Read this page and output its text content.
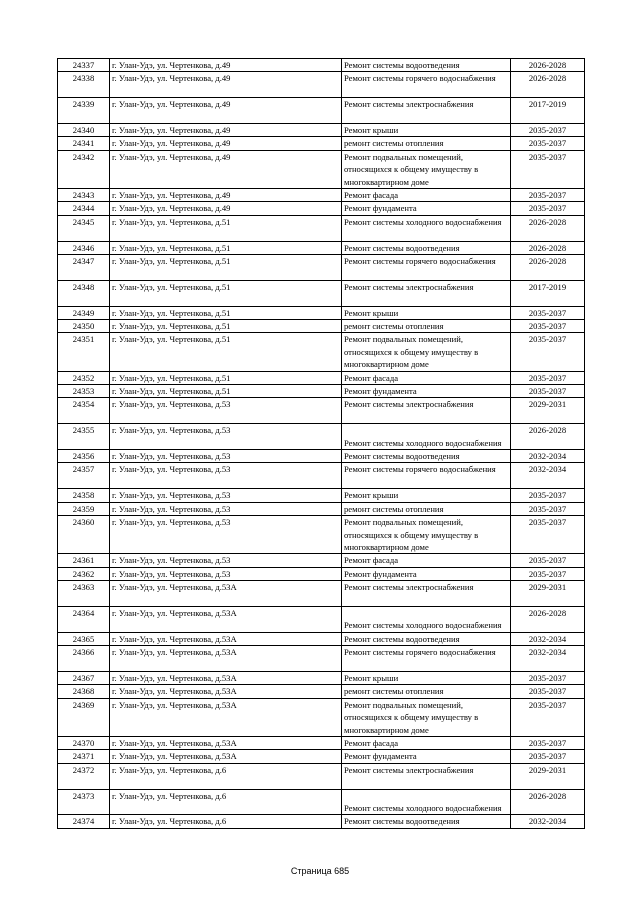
24337	г. Улан-Удэ, ул. Чертенкова, д.49	Ремонт системы водоотведения	2026-2028
24338	г. Улан-Удэ, ул. Чертенкова, д.49	Ремонт системы горячего водоснабжения	2026-2028
24339	г. Улан-Удэ, ул. Чертенкова, д.49	Ремонт системы электроснабжения	2017-2019
24340	г. Улан-Удэ, ул. Чертенкова, д.49	Ремонт крыши	2035-2037
24341	г. Улан-Удэ, ул. Чертенкова, д.49	ремонт системы отопления	2035-2037
24342	г. Улан-Удэ, ул. Чертенкова, д.49	Ремонт подвальных помещений, относящихся к общему имуществу в многоквартирном доме	2035-2037
24343	г. Улан-Удэ, ул. Чертенкова, д.49	Ремонт фасада	2035-2037
24344	г. Улан-Удэ, ул. Чертенкова, д.49	Ремонт фундамента	2035-2037
24345	г. Улан-Удэ, ул. Чертенкова, д.51	Ремонт системы холодного водоснабжения	2026-2028
24346	г. Улан-Удэ, ул. Чертенкова, д.51	Ремонт системы водоотведения	2026-2028
24347	г. Улан-Удэ, ул. Чертенкова, д.51	Ремонт системы горячего водоснабжения	2026-2028
24348	г. Улан-Удэ, ул. Чертенкова, д.51	Ремонт системы электроснабжения	2017-2019
24349	г. Улан-Удэ, ул. Чертенкова, д.51	Ремонт крыши	2035-2037
24350	г. Улан-Удэ, ул. Чертенкова, д.51	ремонт системы отопления	2035-2037
24351	г. Улан-Удэ, ул. Чертенкова, д.51	Ремонт подвальных помещений, относящихся к общему имуществу в многоквартирном доме	2035-2037
24352	г. Улан-Удэ, ул. Чертенкова, д.51	Ремонт фасада	2035-2037
24353	г. Улан-Удэ, ул. Чертенкова, д.51	Ремонт фундамента	2035-2037
24354	г. Улан-Удэ, ул. Чертенкова, д.53	Ремонт системы электроснабжения	2029-2031
24355	г. Улан-Удэ, ул. Чертенкова, д.53	Ремонт системы холодного водоснабжения	2026-2028
24356	г. Улан-Удэ, ул. Чертенкова, д.53	Ремонт системы водоотведения	2032-2034
24357	г. Улан-Удэ, ул. Чертенкова, д.53	Ремонт системы горячего водоснабжения	2032-2034
24358	г. Улан-Удэ, ул. Чертенкова, д.53	Ремонт крыши	2035-2037
24359	г. Улан-Удэ, ул. Чертенкова, д.53	ремонт системы отопления	2035-2037
24360	г. Улан-Удэ, ул. Чертенкова, д.53	Ремонт подвальных помещений, относящихся к общему имуществу в многоквартирном доме	2035-2037
24361	г. Улан-Удэ, ул. Чертенкова, д.53	Ремонт фасада	2035-2037
24362	г. Улан-Удэ, ул. Чертенкова, д.53	Ремонт фундамента	2035-2037
24363	г. Улан-Удэ, ул. Чертенкова, д.53А	Ремонт системы электроснабжения	2029-2031
24364	г. Улан-Удэ, ул. Чертенкова, д.53А	Ремонт системы холодного водоснабжения	2026-2028
24365	г. Улан-Удэ, ул. Чертенкова, д.53А	Ремонт системы водоотведения	2032-2034
24366	г. Улан-Удэ, ул. Чертенкова, д.53А	Ремонт системы горячего водоснабжения	2032-2034
24367	г. Улан-Удэ, ул. Чертенкова, д.53А	Ремонт крыши	2035-2037
24368	г. Улан-Удэ, ул. Чертенкова, д.53А	ремонт системы отопления	2035-2037
24369	г. Улан-Удэ, ул. Чертенкова, д.53А	Ремонт подвальных помещений, относящихся к общему имуществу в многоквартирном доме	2035-2037
24370	г. Улан-Удэ, ул. Чертенкова, д.53А	Ремонт фасада	2035-2037
24371	г. Улан-Удэ, ул. Чертенкова, д.53А	Ремонт фундамента	2035-2037
24372	г. Улан-Удэ, ул. Чертенкова, д.6	Ремонт системы электроснабжения	2029-2031
24373	г. Улан-Удэ, ул. Чертенкова, д.6	Ремонт системы холодного водоснабжения	2026-2028
24374	г. Улан-Удэ, ул. Чертенкова, д.6	Ремонт системы водоотведения	2032-2034
Страница 685
